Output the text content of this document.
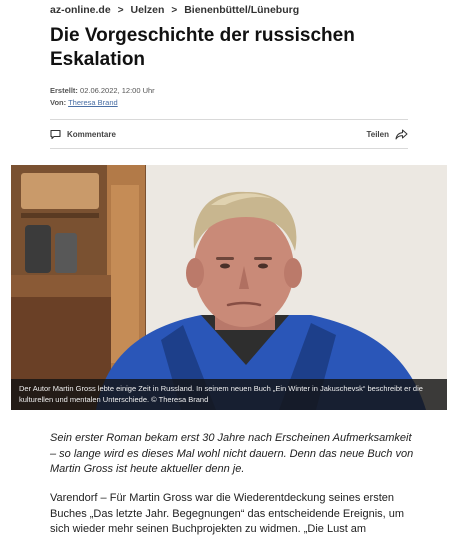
az-online.de > Uelzen > Bienenbüttel/Lüneburg
Die Vorgeschichte der russischen Eskalation
Erstellt: 02.06.2022, 12:00 Uhr
Von: Theresa Brand
Kommentare	Teilen
Der Autor Martin Gross lebte einige Zeit in Russland. In seinem neuen Buch „Ein Winter in Jakuschevsk“ beschreibt er die kulturellen und mentalen Unterschiede. © Theresa Brand

Sein erster Roman bekam erst 30 Jahre nach Erscheinen Aufmerksamkeit – so lange wird es dieses Mal wohl nicht dauern. Denn das neue Buch von Martin Gross ist heute aktueller denn je.

Varendorf – Für Martin Gross war die Wiederentdeckung seines ersten Buches „Das letzte Jahr. Begegnungen“ das entscheidende Ereignis, um sich wieder mehr seinen Buchprojekten zu widmen. „Die Lust am
